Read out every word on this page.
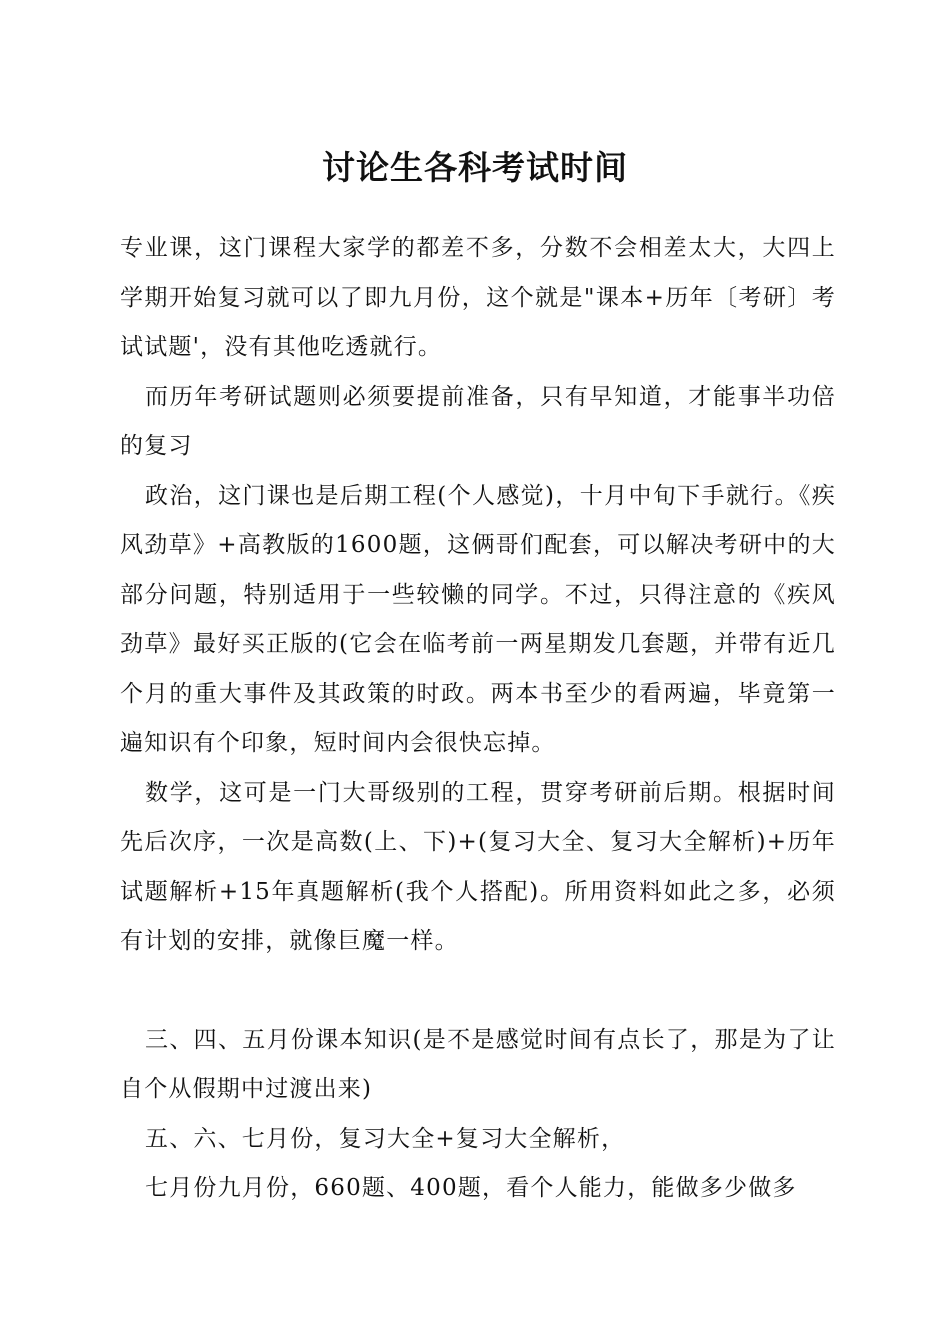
讨论生各科考试时间

专业课，这门课程大家学的都差不多，分数不会相差太大，大四上学期开始复习就可以了即九月份，这个就是"课本+历年〔考研〕考试试题'，没有其他吃透就行。

而历年考研试题则必须要提前准备，只有早知道，才能事半功倍的复习

政治，这门课也是后期工程(个人感觉)，十月中旬下手就行。《疾风劲草》+高教版的1600题，这俩哥们配套，可以解决考研中的大部分问题，特别适用于一些较懒的同学。不过，只得注意的《疾风劲草》最好买正版的(它会在临考前一两星期发几套题，并带有近几个月的重大事件及其政策的时政。两本书至少的看两遍，毕竟第一遍知识有个印象，短时间内会很快忘掉。

数学，这可是一门大哥级别的工程，贯穿考研前后期。根据时间先后次序，一次是高数(上、下)+(复习大全、复习大全解析)+历年试题解析+15年真题解析(我个人搭配)。所用资料如此之多，必须有计划的安排，就像巨魔一样。

三、四、五月份课本知识(是不是感觉时间有点长了，那是为了让自个从假期中过渡出来)

五、六、七月份，复习大全+复习大全解析，

七月份九月份，660题、400题，看个人能力，能做多少做多
